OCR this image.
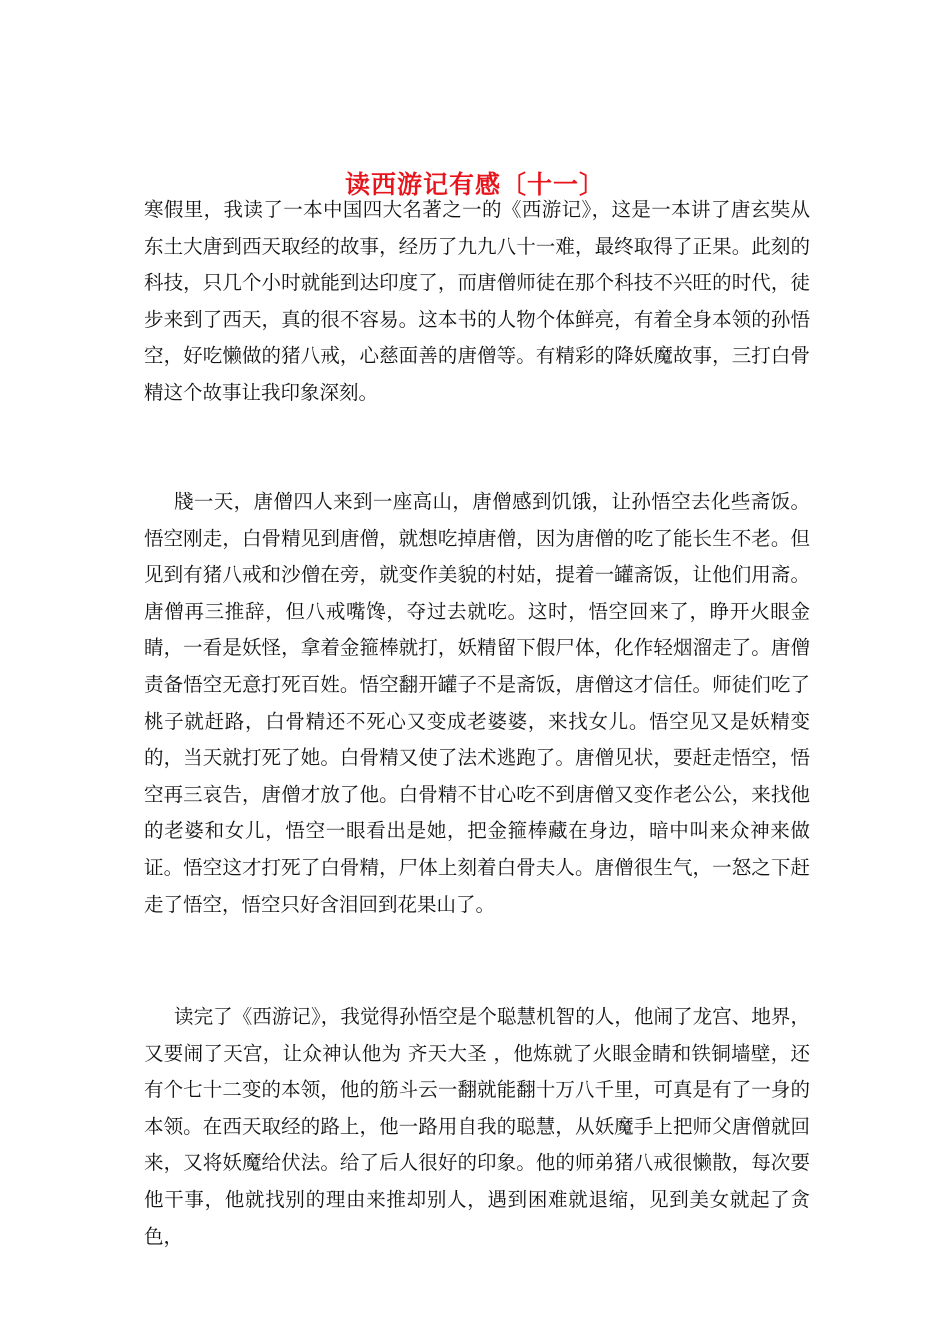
读西游记有感〔十一〕

寒假里，我读了一本中国四大名著之一的《西游记》，这是一本讲了唐玄奘从东土大唐到西天取经的故事，经历了九九八十一难，最终取得了正果。此刻的科技，只几个小时就能到达印度了，而唐僧师徒在那个科技不兴旺的时代，徒步来到了西天，真的很不容易。这本书的人物个体鲜亮，有着全身本领的孙悟空，好吃懒做的猪八戒，心慈面善的唐僧等。有精彩的降妖魔故事，三打白骨精这个故事让我印象深刻。

牋一天，唐僧四人来到一座高山，唐僧感到饥饿，让孙悟空去化些斋饭。悟空刚走，白骨精见到唐僧，就想吃掉唐僧，因为唐僧的吃了能长生不老。但见到有猪八戒和沙僧在旁，就变作美貌的村姑，提着一罐斋饭，让他们用斋。唐僧再三推辞，但八戒嘴馋，夺过去就吃。这时，悟空回来了，睁开火眼金睛，一看是妖怪，拿着金箍棒就打，妖精留下假尸体，化作轻烟溜走了。唐僧责备悟空无意打死百姓。悟空翻开罐子不是斋饭，唐僧这才信任。师徒们吃了桃子就赶路，白骨精还不死心又变成老婆婆，来找女儿。悟空见又是妖精变的，当天就打死了她。白骨精又使了法术逃跑了。唐僧见状，要赶走悟空，悟空再三哀告，唐僧才放了他。白骨精不甘心吃不到唐僧又变作老公公，来找他的老婆和女儿，悟空一眼看出是她，把金箍棒藏在身边，暗中叫来众神来做证。悟空这才打死了白骨精，尸体上刻着白骨夫人。唐僧很生气，一怒之下赶走了悟空，悟空只好含泪回到花果山了。

读完了《西游记》，我觉得孙悟空是个聪慧机智的人，他闹了龙宫、地界，又要闹了天宫，让众神认他为 齐天大圣 ，他炼就了火眼金睛和铁铜墙壁，还有个七十二变的本领，他的筋斗云一翻就能翻十万八千里，可真是有了一身的本领。在西天取经的路上，他一路用自我的聪慧，从妖魔手上把师父唐僧就回来，又将妖魔给伏法。给了后人很好的印象。他的师弟猪八戒很懒散，每次要他干事，他就找别的理由来推却别人，遇到困难就退缩，见到美女就起了贪色，
